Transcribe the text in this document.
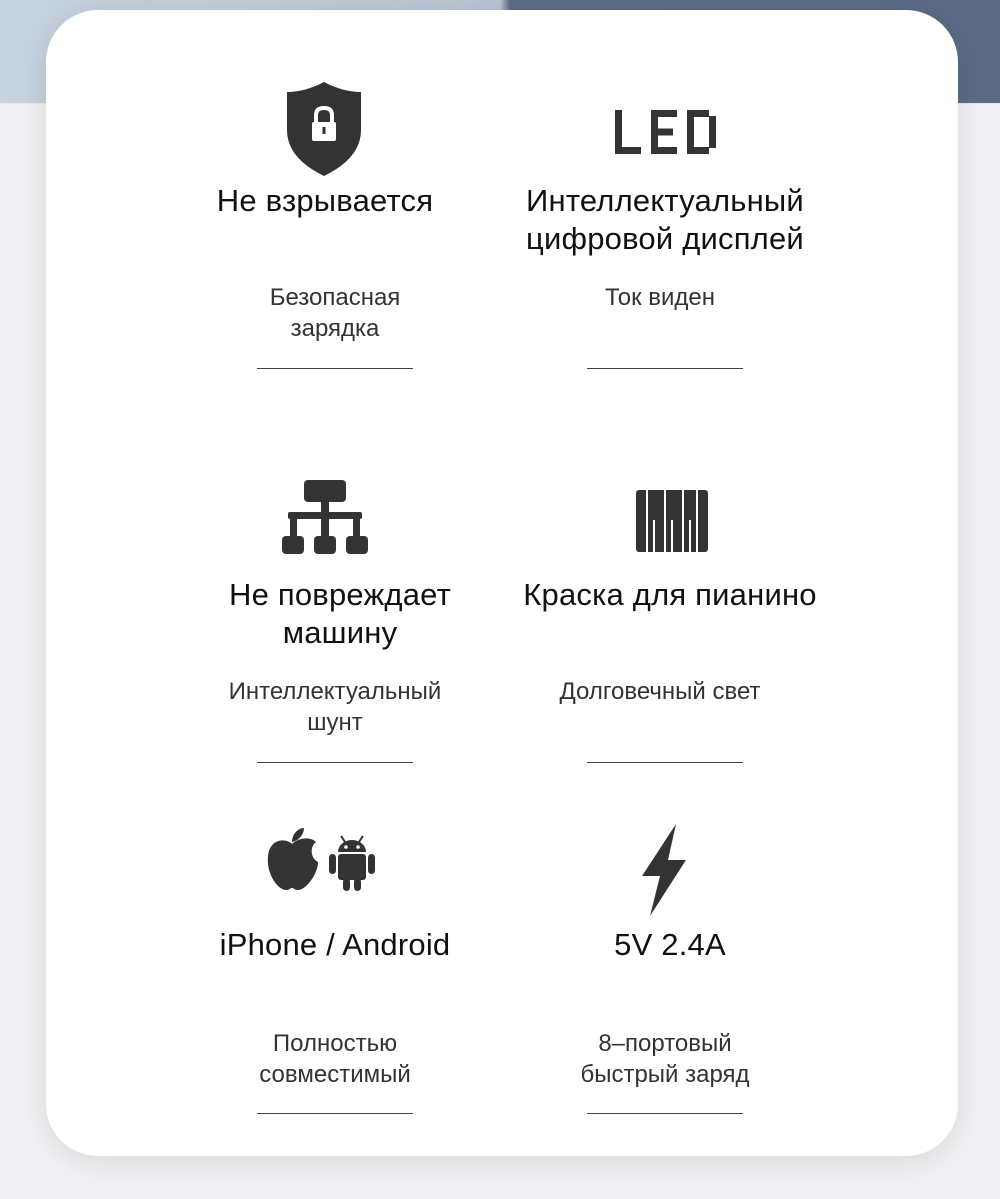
Не взрывается
Безопасная
зарядка
Интеллектуальный
цифровой дисплей
Ток виден
Не повреждает
машину
Интеллектуальный
шунт
Краска для пианино
Долговечный свет
iPhone / Android
Полностью
совместимый
5V 2.4A
8–портовый
быстрый заряд
